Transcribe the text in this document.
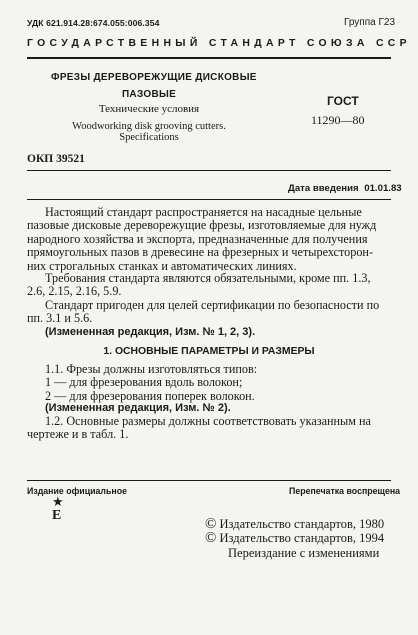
УДК 621.914.28:674.055:006.354	Группа Г23
ГОСУДАРСТВЕННЫЙ СТАНДАРТ СОЮЗА ССР
ФРЕЗЫ ДЕРЕВОРЕЖУЩИЕ ДИСКОВЫЕ
ПАЗОВЫЕ
Технические условия
Woodworking disk grooving cutters.
Specifications
ГОСТ
11290—80
ОКП 39521
Дата введения 01.01.83
Настоящий стандарт распространяется на насадные цельные
пазовые дисковые дереворежущие фрезы, изготовляемые для нужд
народного хозяйства и экспорта, предназначенные для получения
прямоугольных пазов в древесине на фрезерных и четырехсторон-
них строгальных станках и автоматических линиях.
Требования стандарта являются обязательными, кроме пп. 1.3,
2.6, 2.15, 2.16, 5.9.
Стандарт пригоден для целей сертификации по безопасности по
пп. 3.1 и 5.6.
(Измененная редакция, Изм. № 1, 2, 3).
1. ОСНОВНЫЕ ПАРАМЕТРЫ И РАЗМЕРЫ
1.1. Фрезы должны изготовляться типов:
1 — для фрезерования вдоль волокон;
2 — для фрезерования поперек волокон.
(Измененная редакция, Изм. № 2).
1.2. Основные размеры должны соответствовать указанным на
чертеже и в табл. 1.
Издание официальное	Перепечатка воспрещена
★
Е
© Издательство стандартов, 1980
© Издательство стандартов, 1994
Переиздание с изменениями
